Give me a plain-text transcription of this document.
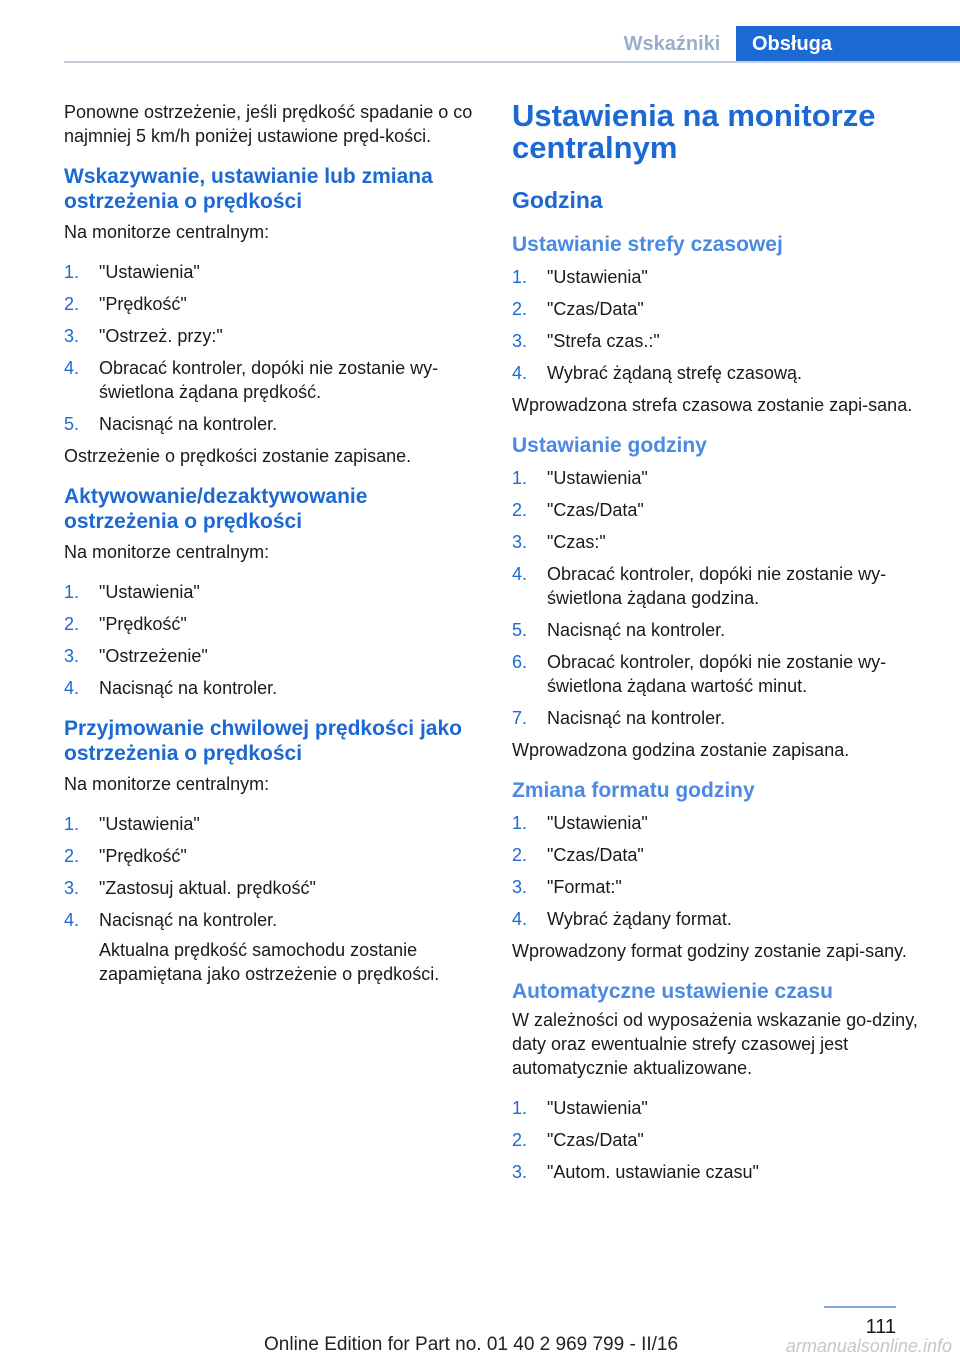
Wskaźniki	Obsługa

Ponowne ostrzeżenie, jeśli prędkość spadanie o co najmniej 5 km/h poniżej ustawione pręd‐kości.

Wskazywanie, ustawianie lub zmiana ostrzeżenia o prędkości

Na monitorze centralnym:

1.	"Ustawienia"
2.	"Prędkość"
3.	"Ostrzeż. przy:"
4.	Obracać kontroler, dopóki nie zostanie wy‐świetlona żądana prędkość.
5.	Nacisnąć na kontroler.

Ostrzeżenie o prędkości zostanie zapisane.

Aktywowanie/dezaktywowanie ostrzeżenia o prędkości

Na monitorze centralnym:

1.	"Ustawienia"
2.	"Prędkość"
3.	"Ostrzeżenie"
4.	Nacisnąć na kontroler.
Przyjmowanie chwilowej prędkości jako ostrzeżenia o prędkości

Na monitorze centralnym:

1.	"Ustawienia"
2.	"Prędkość"
3.	"Zastosuj aktual. prędkość"
4.	Nacisnąć na kontroler.
Aktualna prędkość samochodu zostanie zapamiętana jako ostrzeżenie o prędkości.
Ustawienia na monitorze centralnym
Godzina
Ustawianie strefy czasowej
1.	"Ustawienia"
2.	"Czas/Data"
3.	"Strefa czas.:"
4.	Wybrać żądaną strefę czasową.

Wprowadzona strefa czasowa zostanie zapi‐sana.

Ustawianie godziny
1.	"Ustawienia"
2.	"Czas/Data"
3.	"Czas:"
4.	Obracać kontroler, dopóki nie zostanie wy‐świetlona żądana godzina.
5.	Nacisnąć na kontroler.
6.	Obracać kontroler, dopóki nie zostanie wy‐świetlona żądana wartość minut.
7.	Nacisnąć na kontroler.

Wprowadzona godzina zostanie zapisana.

Zmiana formatu godziny
1.	"Ustawienia"
2.	"Czas/Data"
3.	"Format:"
4.	Wybrać żądany format.

Wprowadzony format godziny zostanie zapi‐sany.

Automatyczne ustawienie czasu

W zależności od wyposażenia wskazanie go‐dziny, daty oraz ewentualnie strefy czasowej jest automatycznie aktualizowane.

1.	"Ustawienia"
2.	"Czas/Data"
3.	"Autom. ustawianie czasu"
111
Online Edition for Part no. 01 40 2 969 799 - II/16	armanualsonline.info
